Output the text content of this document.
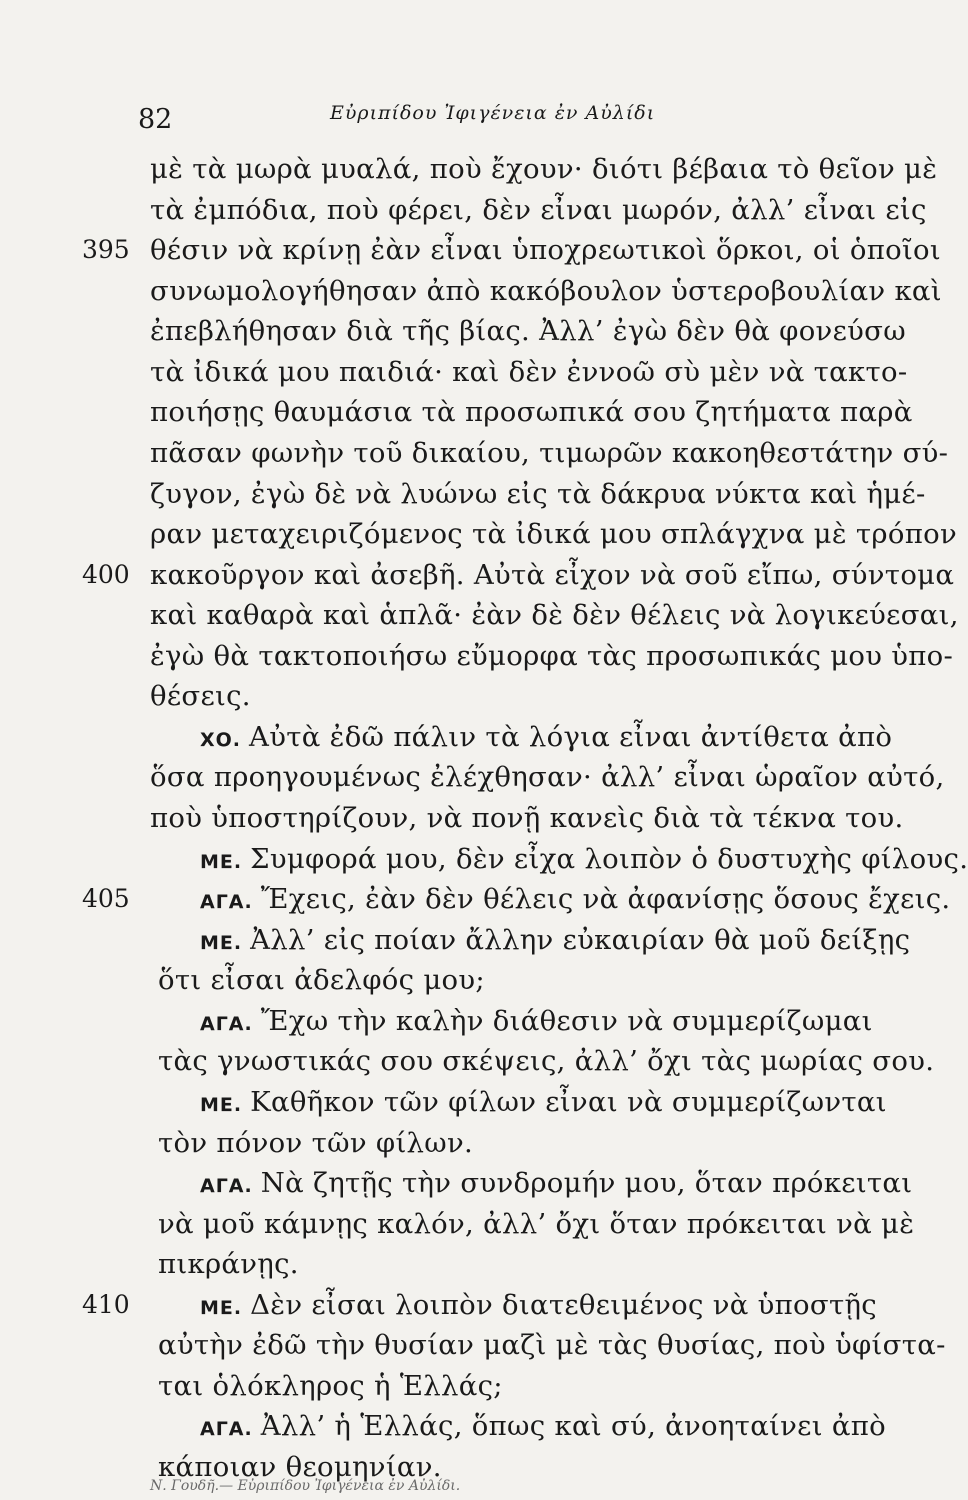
82	Εὐριπίδου Ἰφιγένεια ἐν Αὐλίδι
395
400
405
410
μὲ τὰ μωρὰ μυαλά, ποὺ ἔχουν· διότι βέβαια τὸ θεῖον μὲ
τὰ ἐμπόδια, ποὺ φέρει, δὲν εἶναι μωρόν, ἀλλ’ εἶναι εἰς
θέσιν νὰ κρίνῃ ἐὰν εἶναι ὑποχρεωτικοὶ ὅρκοι, οἱ ὁποῖοι
συνωμολογήθησαν ἀπὸ κακόβουλον ὑστεροβουλίαν καὶ
ἐπεβλήθησαν διὰ τῆς βίας. Ἀλλ’ ἐγὼ δὲν θὰ φονεύσω
τὰ ἰδικά μου παιδιά· καὶ δὲν ἐννοῶ σὺ μὲν νὰ τακτο-
ποιήσῃς θαυμάσια τὰ προσωπικά σου ζητήματα παρὰ
πᾶσαν φωνὴν τοῦ δικαίου, τιμωρῶν κακοηθεστάτην σύ-
ζυγον, ἐγὼ δὲ νὰ λυώνω εἰς τὰ δάκρυα νύκτα καὶ ἡμέ-
ραν μεταχειριζόμενος τὰ ἰδικά μου σπλάγχνα μὲ τρόπον
κακοῦργον καὶ ἀσεβῆ. Αὐτὰ εἶχον νὰ σοῦ εἴπω, σύντομα
καὶ καθαρὰ καὶ ἁπλᾶ· ἐὰν δὲ δὲν θέλεις νὰ λογικεύεσαι,
ἐγὼ θὰ τακτοποιήσω εὔμορφα τὰς προσωπικάς μου ὑπο-
θέσεις.
ΧΟ. Αὐτὰ ἐδῶ πάλιν τὰ λόγια εἶναι ἀντίθετα ἀπὸ
ὅσα προηγουμένως ἐλέχθησαν· ἀλλ’ εἶναι ὡραῖον αὐτό,
ποὺ ὑποστηρίζουν, νὰ πονῇ κανεὶς διὰ τὰ τέκνα του.
ΜΕ. Συμφορά μου, δὲν εἶχα λοιπὸν ὁ δυστυχὴς φίλους.
ΑΓΑ. Ἔχεις, ἐὰν δὲν θέλεις νὰ ἀφανίσῃς ὅσους ἔχεις.
ΜΕ. Ἀλλ’ εἰς ποίαν ἄλλην εὐκαιρίαν θὰ μοῦ δείξῃς
ὅτι εἶσαι ἀδελφός μου;
ΑΓΑ. Ἔχω τὴν καλὴν διάθεσιν νὰ συμμερίζωμαι
τὰς γνωστικάς σου σκέψεις, ἀλλ’ ὄχι τὰς μωρίας σου.
ΜΕ. Καθῆκον τῶν φίλων εἶναι νὰ συμμερίζωνται
τὸν πόνον τῶν φίλων.
ΑΓΑ. Νὰ ζητῇς τὴν συνδρομήν μου, ὅταν πρόκειται
νὰ μοῦ κάμνῃς καλόν, ἀλλ’ ὄχι ὅταν πρόκειται νὰ μὲ
πικράνῃς.
ΜΕ. Δὲν εἶσαι λοιπὸν διατεθειμένος νὰ ὑποστῇς
αὐτὴν ἐδῶ τὴν θυσίαν μαζὶ μὲ τὰς θυσίας, ποὺ ὑφίστα-
ται ὁλόκληρος ἡ Ἑλλάς;
ΑΓΑ. Ἀλλ’ ἡ Ἑλλάς, ὅπως καὶ σύ, ἀνοηταίνει ἀπὸ
κάποιαν θεομηνίαν.
Ν. Γουδῆ.— Εὐριπίδου Ἰφιγένεια ἐν Αὐλίδι.
